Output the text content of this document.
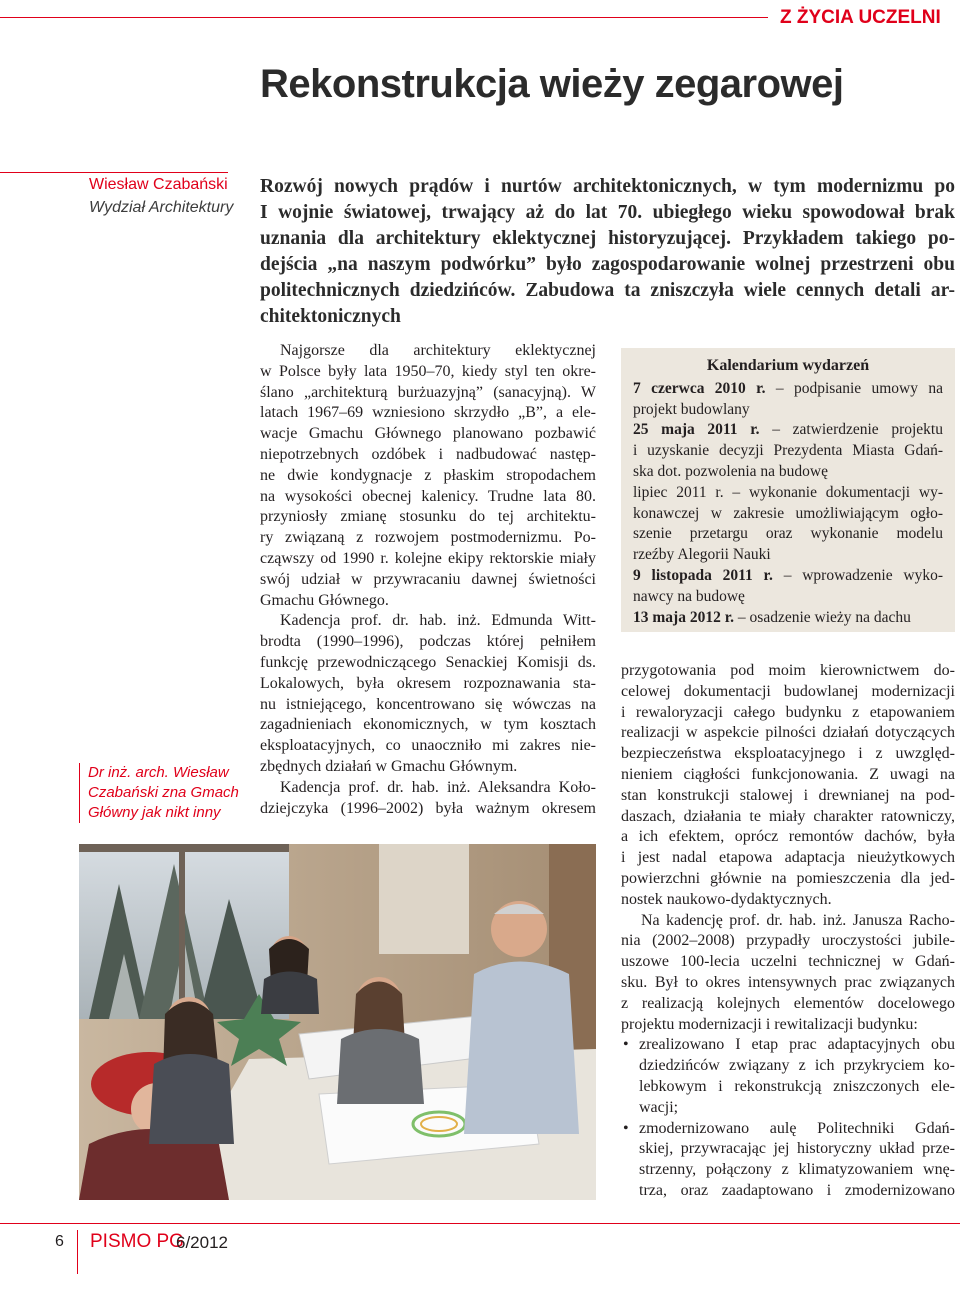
Z ŻYCIA UCZELNI
Rekonstrukcja wieży zegarowej
Wiesław Czabański
Wydział Architektury
Rozwój nowych prądów i nurtów architektonicznych, w tym modernizmu po
I wojnie światowej, trwający aż do lat 70. ubiegłego wieku spowodował brak
uznania dla architektury eklektycznej historyzującej. Przykładem takiego po-
dejścia „na naszym podwórku” było zagospodarowanie wolnej przestrzeni obu
politechnicznych dziedzińców. Zabudowa ta zniszczyła wiele cennych detali ar-
chitektonicznych
Najgorsze dla architektury eklektycznej
w Polsce były lata 1950–70, kiedy styl ten okre-
ślano „architekturą burżuazyjną” (sanacyjną). W
latach 1967–69 wzniesiono skrzydło „B”, a ele-
wacje Gmachu Głównego planowano pozbawić
niepotrzebnych ozdóbek i nadbudować następ-
ne dwie kondygnacje z płaskim stropodachem
na wysokości obecnej kalenicy. Trudne lata 80.
przyniosły zmianę stosunku do tej architektu-
ry związaną z rozwojem postmodernizmu. Po-
cząwszy od 1990 r. kolejne ekipy rektorskie miały
swój udział w przywracaniu dawnej świetności
Gmachu Głównego.
Kadencja prof. dr. hab. inż. Edmunda Witt-
brodta (1990–1996), podczas której pełniłem
funkcję przewodniczącego Senackiej Komisji ds.
Lokalowych, była okresem rozpoznawania sta-
nu istniejącego, koncentrowano się wówczas na
zagadnieniach ekonomicznych, w tym kosztach
eksploatacyjnych, co unaoczniło mi zakres nie-
zbędnych działań w Gmachu Głównym.
Kadencja prof. dr. hab. inż. Aleksandra Koło-
dziejczyka (1996–2002) była ważnym okresem
Kalendarium wydarzeń
7 czerwca 2010 r. – podpisanie umowy na
projekt budowlany
25 maja 2011 r. – zatwierdzenie projektu
i uzyskanie decyzji Prezydenta Miasta Gdań-
ska dot. pozwolenia na budowę
lipiec 2011 r. – wykonanie dokumentacji wy-
konawczej w zakresie umożliwiającym ogło-
szenie przetargu oraz wykonanie modelu
rzeźby Alegorii Nauki
9 listopada 2011 r. – wprowadzenie wyko-
nawcy na budowę
13 maja 2012 r. – osadzenie wieży na dachu
przygotowania pod moim kierownictwem do-
celowej dokumentacji budowlanej modernizacji
i rewaloryzacji całego budynku z etapowaniem
realizacji w aspekcie pilności działań dotyczących
bezpieczeństwa eksploatacyjnego i z uwzględ-
nieniem ciągłości funkcjonowania. Z uwagi na
stan konstrukcji stalowej i drewnianej na pod-
daszach, działania te miały charakter ratowniczy,
a ich efektem, oprócz remontów dachów, była
i jest nadal etapowa adaptacja nieużytkowych
powierzchni głównie na pomieszczenia dla jed-
nostek naukowo-dydaktycznych.
Na kadencję prof. dr. hab. inż. Janusza Racho-
nia (2002–2008) przypadły uroczystości jubile-
uszowe 100-lecia uczelni technicznej w Gdań-
sku. Był to okres intensywnych prac związanych
z realizacją kolejnych elementów docelowego
projektu modernizacji i rewitalizacji budynku:
• zrealizowano I etap prac adaptacyjnych obu
dziedzińców związany z ich przykryciem ko-
lebkowym i rekonstrukcją zniszczonych ele-
wacji;
• zmodernizowano aulę Politechniki Gdań-
skiej, przywracając jej historyczny układ prze-
strzenny, połączony z klimatyzowaniem wnę-
trza, oraz zaadaptowano i zmodernizowano
Dr inż. arch. Wiesław
Czabański zna Gmach
Główny jak nikt inny
6 PISMO PG
6/2012
